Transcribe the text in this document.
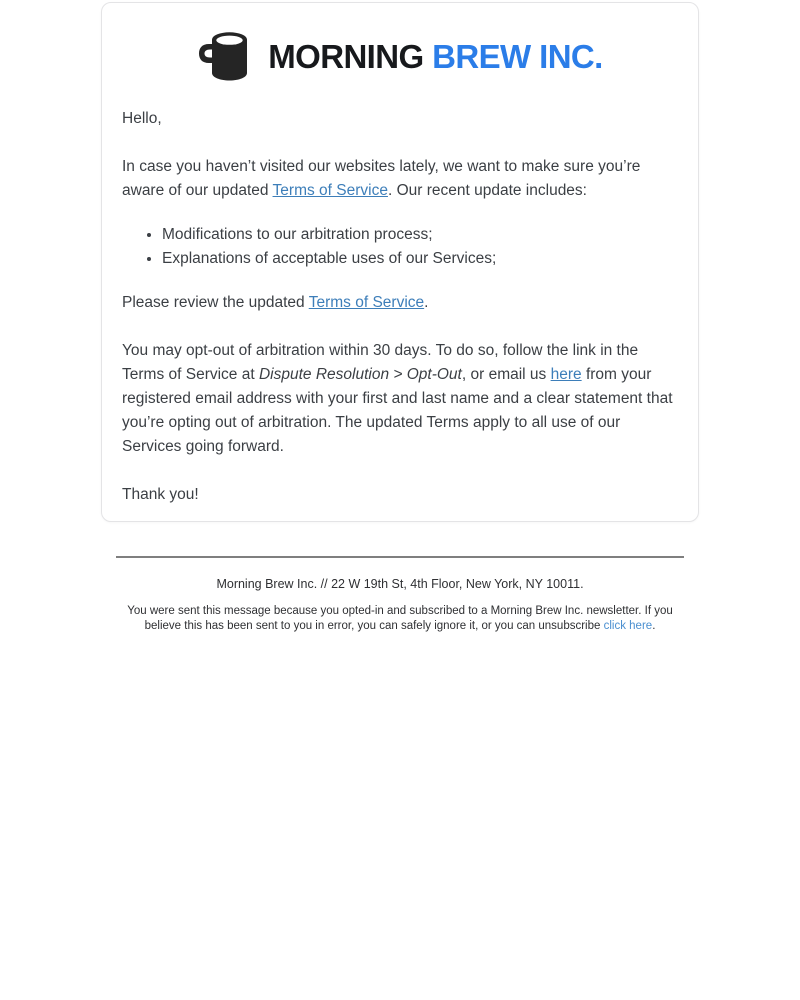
MORNING BREW INC.

Hello,

In case you haven’t visited our websites lately, we want to make sure you’re aware of our updated Terms of Service. Our recent update includes:

• Modifications to our arbitration process;
• Explanations of acceptable uses of our Services;

Please review the updated Terms of Service.

You may opt-out of arbitration within 30 days. To do so, follow the link in the Terms of Service at Dispute Resolution > Opt-Out, or email us here from your registered email address with your first and last name and a clear statement that you’re opting out of arbitration. The updated Terms apply to all use of our Services going forward.

Thank you!

Morning Brew Inc. // 22 W 19th St, 4th Floor, New York, NY 10011.

You were sent this message because you opted-in and subscribed to a Morning Brew Inc. newsletter. If you believe this has been sent to you in error, you can safely ignore it, or you can unsubscribe click here.
